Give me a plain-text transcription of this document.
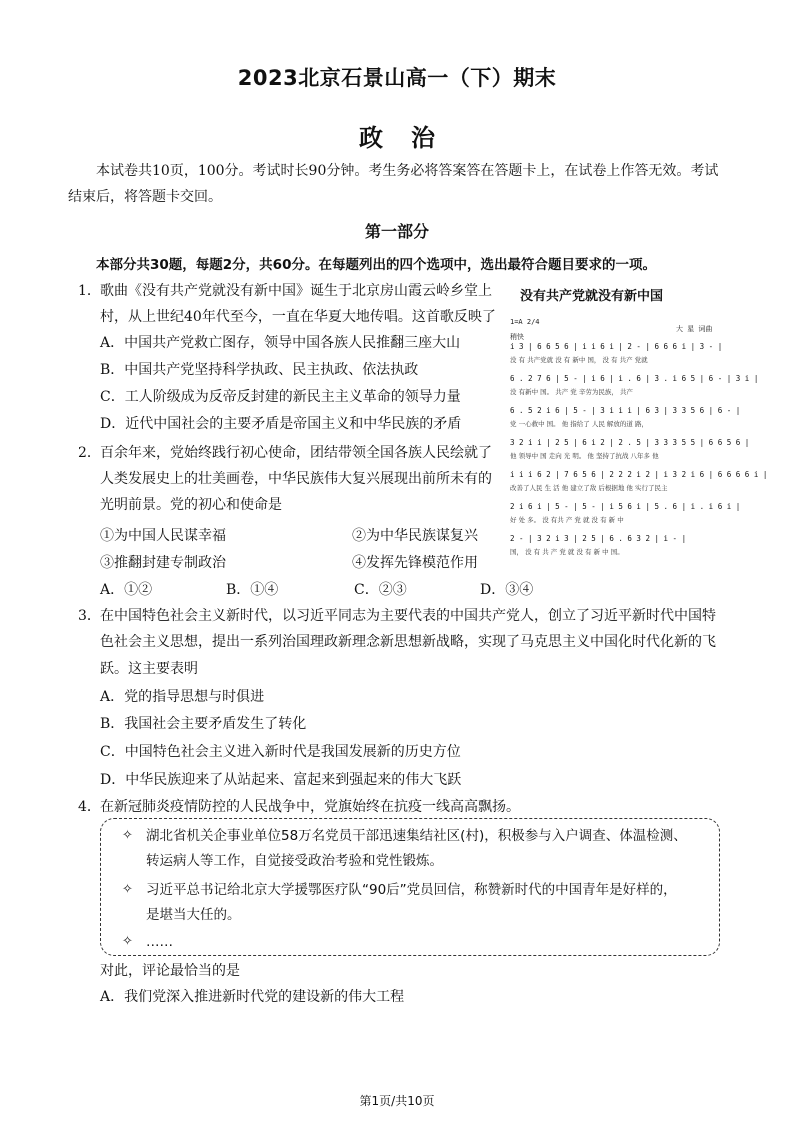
2023北京石景山高一（下）期末
政治
本试卷共10页，100分。考试时长90分钟。考生务必将答案答在答题卡上，在试卷上作答无效。考试结束后，将答题卡交回。
第一部分
本部分共30题，每题2分，共60分。在每题列出的四个选项中，选出最符合题目要求的一项。
1． 歌曲《没有共产党就没有新中国》诞生于北京房山霞云岭乡堂上
村，从上世纪40年代至今，一直在华夏大地传唱。这首歌反映了
A．中国共产党救亡图存，领导中国各族人民推翻三座大山
B．中国共产党坚持科学执政、民主执政、依法执政
C．工人阶级成为反帝反封建的新民主主义革命的领导力量
D．近代中国社会的主要矛盾是帝国主义和中华民族的矛盾
没有共产党就没有新中国
1=A 2/4
大 星 词曲
稍快
i 3 | 6 6 5 6 | i i 6 i | 2 - | 6 6 6 i | 3 - |
没 有 共产党就 没 有 新中 国， 没 有 共产 党就
6 . 2 7 6 | 5 - | i 6 | i . 6 | 3 . i 6 5 | 6 - | 3 i |
没 有新中 国。 共产 党 辛劳为民族， 共产
6 . 5 2 i 6 | 5 - | 3 i i i | 6 3 | 3 3 5 6 | 6 - |
党 一心救中 国。 他 指给了 人民 解放的道 路，
3 2 i i | 2 5 | 6 i 2 | 2 . 5 | 3 3 3 5 5 | 6 6 5 6 |
他 领导中 国 走向 光 明。 他 坚持了抗战 八年多 他
i i i 6 2 | 7 6 5 6 | 2 2 2 i 2 | i 3 2 i 6 | 6 6 6 6 i |
改善了人民 生 活 他 建立了敌 后根据地 他 实行了民主
2 i 6 i | 5 - | 5 - | i 5 6 i | 5 . 6 | i . i 6 i |
好 处 多。 没 有共 产 党 就 没 有 新 中
2 - | 3 2 i 3 | 2 5 | 6 . 6 3 2 | i - |
国， 没 有 共 产 党 就 没 有 新 中 国。
2． 百余年来，党始终践行初心使命，团结带领全国各族人民绘就了
人类发展史上的壮美画卷，中华民族伟大复兴展现出前所未有的
光明前景。党的初心和使命是
①为中国人民谋幸福	②为中华民族谋复兴
③推翻封建专制政治	④发挥先锋模范作用
A．①②	B．①④	C．②③	D．③④
3． 在中国特色社会主义新时代，以习近平同志为主要代表的中国共产党人，创立了习近平新时代中国特
色社会主义思想，提出一系列治国理政新理念新思想新战略，实现了马克思主义中国化时代化新的飞
跃。这主要表明
A．党的指导思想与时俱进
B．我国社会主要矛盾发生了转化
C．中国特色社会主义进入新时代是我国发展新的历史方位
D．中华民族迎来了从站起来、富起来到强起来的伟大飞跃
4． 在新冠肺炎疫情防控的人民战争中，党旗始终在抗疫一线高高飘扬。
✧ 湖北省机关企事业单位58万名党员干部迅速集结社区(村)，积极参与入户调查、体温检测、
转运病人等工作，自觉接受政治考验和党性锻炼。
✧ 习近平总书记给北京大学援鄂医疗队“90后”党员回信，称赞新时代的中国青年是好样的，
是堪当大任的。
✧ ……
对此，评论最恰当的是
A．我们党深入推进新时代党的建设新的伟大工程
第1页/共10页
